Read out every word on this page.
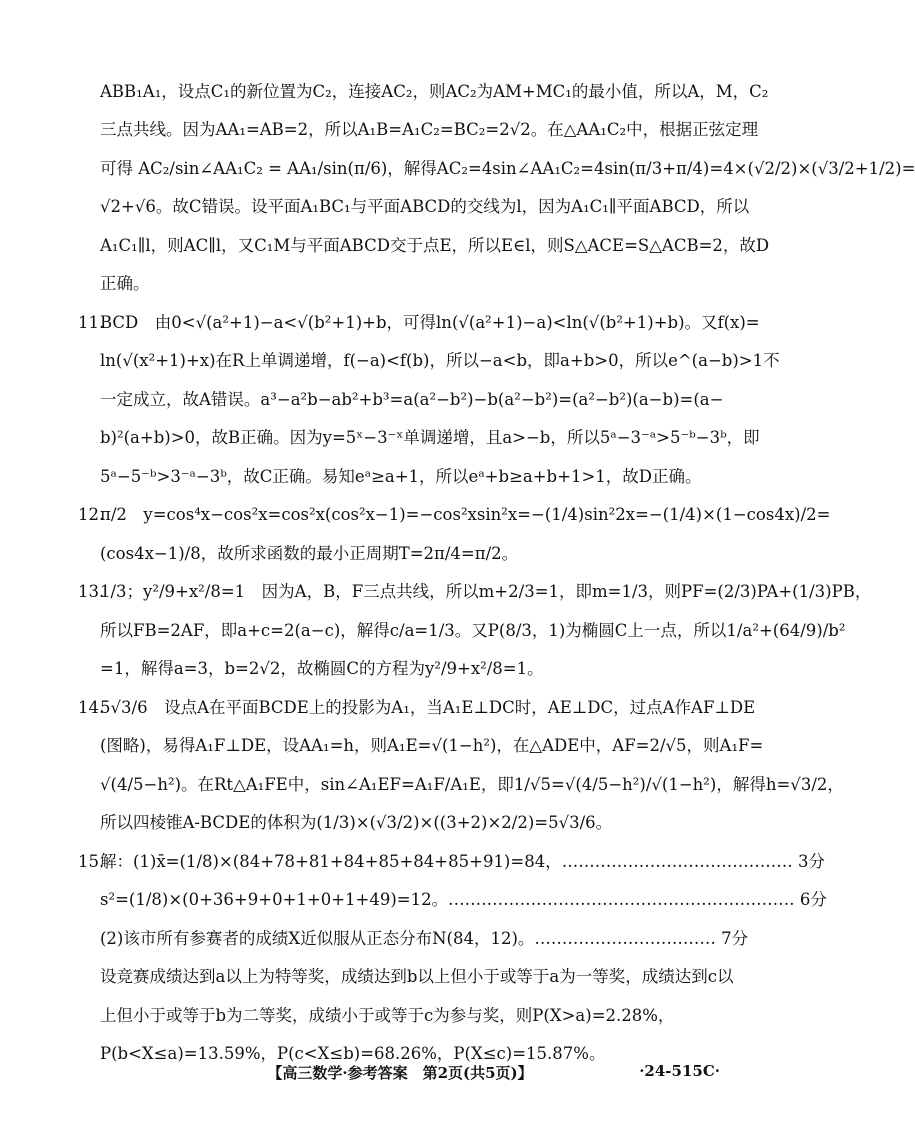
ABB₁A₁，设点C₁的新位置为C₂，连接AC₂，则AC₂为AM+MC₁的最小值，所以A，M，C₂
三点共线。因为AA₁=AB=2，所以A₁B=A₁C₂=BC₂=2√2。在△AA₁C₂中，根据正弦定理
可得 AC₂/sin∠AA₁C₂ = AA₁/sin(π/6)，解得AC₂=4sin∠AA₁C₂=4sin(π/3+π/4)=4×(√2/2)×(√3/2+1/2)=
√2+√6。故C错误。设平面A₁BC₁与平面ABCD的交线为l，因为A₁C₁∥平面ABCD，所以
A₁C₁∥l，则AC∥l，又C₁M与平面ABCD交于点E，所以E∈l，则S△ACE=S△ACB=2，故D
正确。
11.BCD　由0<√(a²+1)−a<√(b²+1)+b，可得ln(√(a²+1)−a)<ln(√(b²+1)+b)。又f(x)=
ln(√(x²+1)+x)在R上单调递增，f(−a)<f(b)，所以−a<b，即a+b>0，所以e^(a−b)>1不
一定成立，故A错误。a³−a²b−ab²+b³=a(a²−b²)−b(a²−b²)=(a²−b²)(a−b)=(a−
b)²(a+b)>0，故B正确。因为y=5ˣ−3⁻ˣ单调递增，且a>−b，所以5ᵃ−3⁻ᵃ>5⁻ᵇ−3ᵇ，即
5ᵃ−5⁻ᵇ>3⁻ᵃ−3ᵇ，故C正确。易知eᵃ≥a+1，所以eᵃ+b≥a+b+1>1，故D正确。
12.π/2　y=cos⁴x−cos²x=cos²x(cos²x−1)=−cos²xsin²x=−(1/4)sin²2x=−(1/4)×(1−cos4x)/2=
(cos4x−1)/8，故所求函数的最小正周期T=2π/4=π/2。
13.1/3；y²/9+x²/8=1　因为A，B，F三点共线，所以m+2/3=1，即m=1/3，则PF=(2/3)PA+(1/3)PB，
所以FB=2AF，即a+c=2(a−c)，解得c/a=1/3。又P(8/3，1)为椭圆C上一点，所以1/a²+(64/9)/b²
=1，解得a=3，b=2√2，故椭圆C的方程为y²/9+x²/8=1。
14.5√3/6　设点A在平面BCDE上的投影为A₁，当A₁E⊥DC时，AE⊥DC，过点A作AF⊥DE
(图略)，易得A₁F⊥DE，设AA₁=h，则A₁E=√(1−h²)，在△ADE中，AF=2/√5，则A₁F=
√(4/5−h²)。在Rt△A₁FE中，sin∠A₁EF=A₁F/A₁E，即1/√5=√(4/5−h²)/√(1−h²)，解得h=√3/2，
所以四棱锥A-BCDE的体积为(1/3)×(√3/2)×((3+2)×2/2)=5√3/6。
15.解：(1)x̄=(1/8)×(84+78+81+84+85+84+85+91)=84，…………………………………… 3分
s²=(1/8)×(0+36+9+0+1+0+1+49)=12。……………………………………………………… 6分
(2)该市所有参赛者的成绩X近似服从正态分布N(84，12)。…………………………… 7分
设竞赛成绩达到a以上为特等奖，成绩达到b以上但小于或等于a为一等奖，成绩达到c以
上但小于或等于b为二等奖，成绩小于或等于c为参与奖，则P(X>a)=2.28%，
P(b<X≤a)=13.59%，P(c<X≤b)=68.26%，P(X≤c)=15.87%。
【高三数学·参考答案　第2页(共5页)】	·24-515C·
